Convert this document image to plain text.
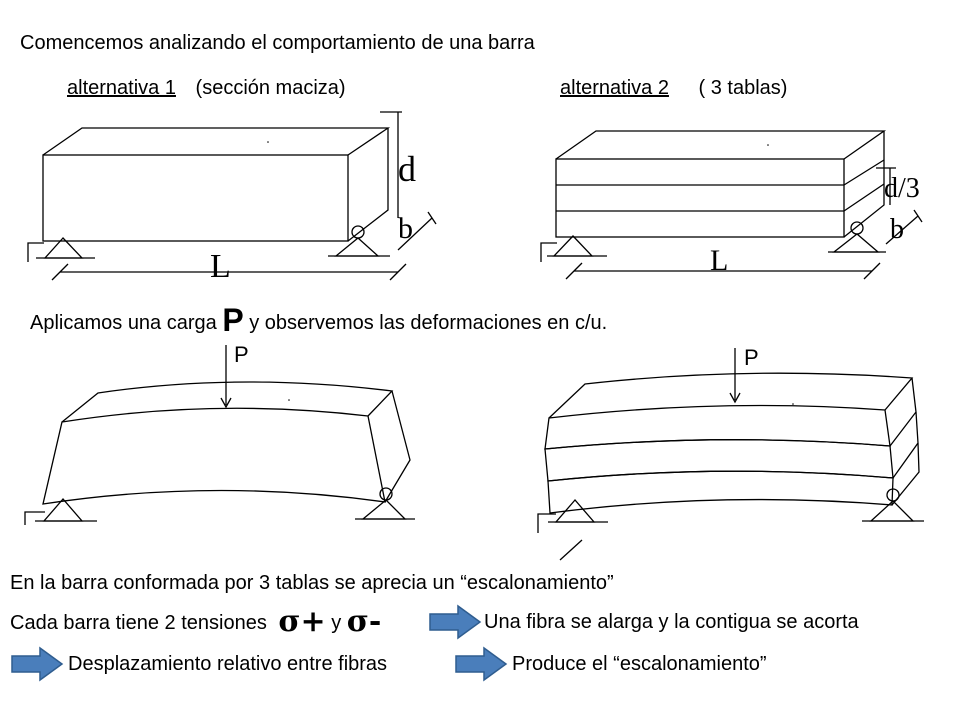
Comencemos analizando el comportamiento de una barra
alternativa 1 (sección maciza)	alternativa 2 ( 3 tablas)
Aplicamos una carga P y observemos las deformaciones en c/u.
En la barra conformada por 3 tablas se aprecia un “escalonamiento”
Cada barra tiene 2 tensiones σ+ y σ-	Una fibra se alarga y la contigua se acorta
Desplazamiento relativo entre fibras	Produce el “escalonamiento”
d
b
L
d/3
b
L
P	P
